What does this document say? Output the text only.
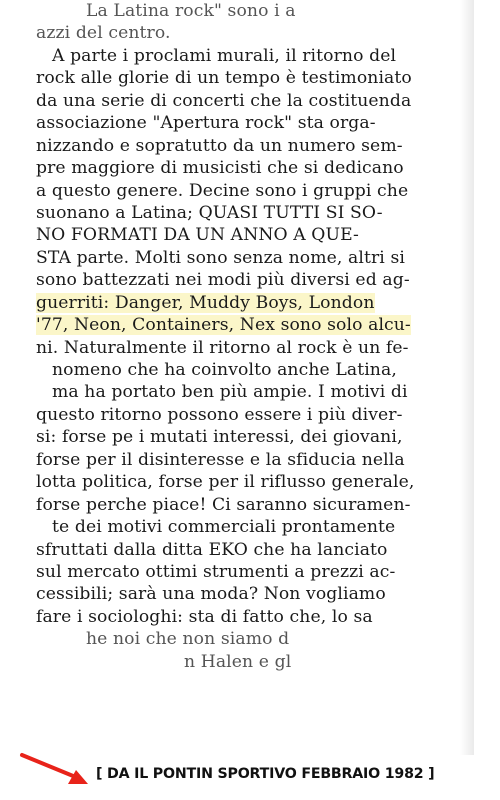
La Latina rock" sono i a
azzi del centro.
A parte i proclami murali, il ritorno del
rock alle glorie di un tempo è testimoniato
da una serie di concerti che la costituenda
associazione "Apertura rock" sta orga-
nizzando e sopratutto da un numero sem-
pre maggiore di musicisti che si dedicano
a questo genere. Decine sono i gruppi che
suonano a Latina; QUASI TUTTI SI SO-
NO FORMATI DA UN ANNO A QUE-
STA parte. Molti sono senza nome, altri si
sono battezzati nei modi più diversi ed ag-
guerriti: Danger, Muddy Boys, London
'77, Neon, Containers, Nex sono solo alcu-
ni. Naturalmente il ritorno al rock è un fe-
nomeno che ha coinvolto anche Latina,
ma ha portato ben più ampie. I motivi di
questo ritorno possono essere i più diver-
si: forse pe i mutati interessi, dei giovani,
forse per il disinteresse e la sfiducia nella
lotta politica, forse per il riflusso generale,
forse perche piace! Ci saranno sicuramen-
te dei motivi commerciali prontamente
sfruttati dalla ditta EKO che ha lanciato
sul mercato ottimi strumenti a prezzi ac-
cessibili; sarà una moda? Non vogliamo
fare i sociologhi: sta di fatto che, lo sa
he noi che non siamo d
n Halen e gl
[ DA IL PONTIN SPORTIVO FEBBRAIO 1982 ]
